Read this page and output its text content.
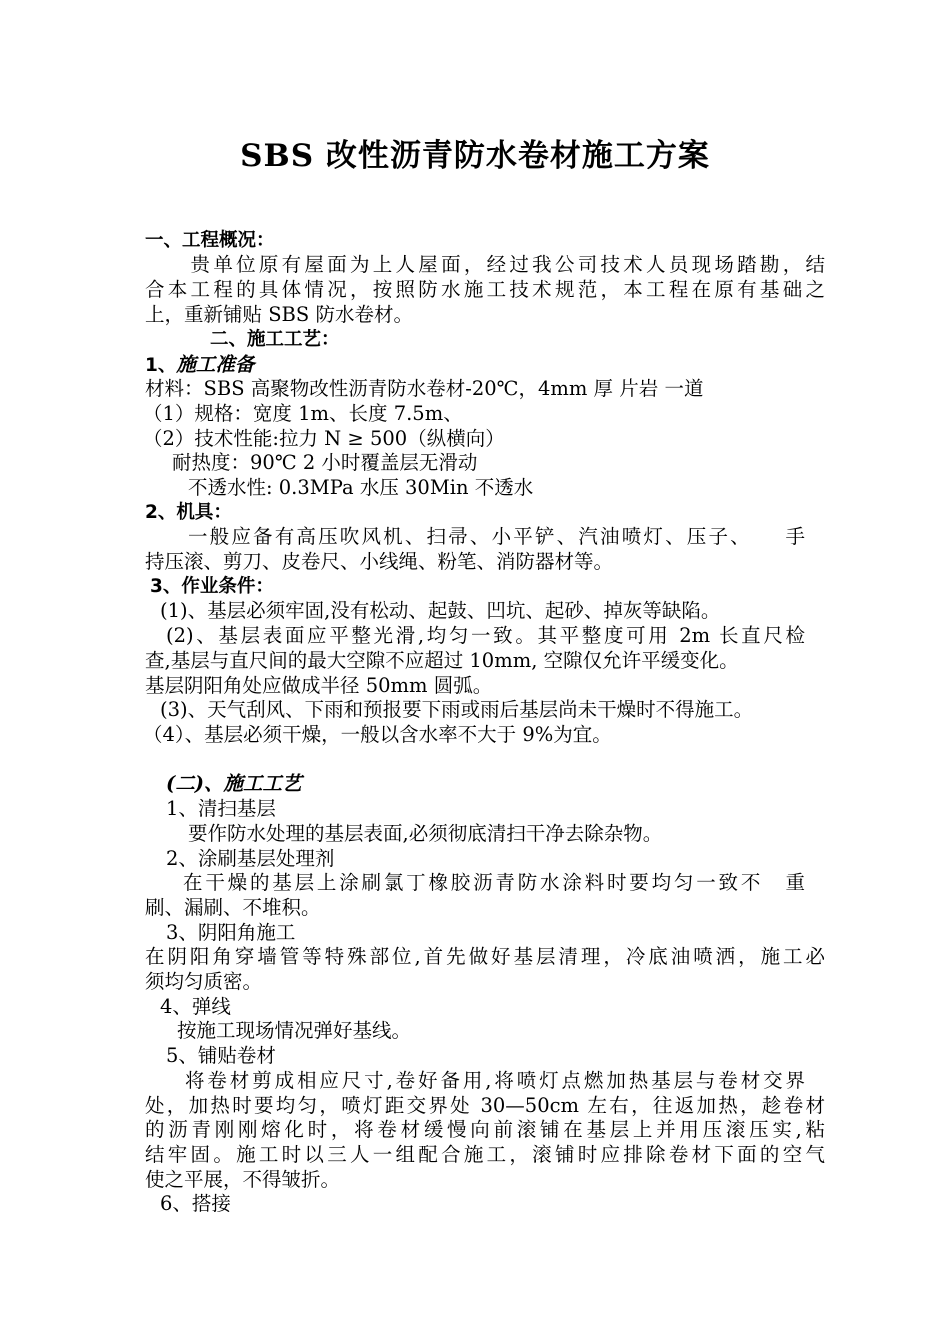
SBS 改性沥青防水卷材施工方案
一、工程概况：
　　贵单位原有屋面为上人屋面，经过我公司技术人员现场踏勘，结
合本工程的具体情况，按照防水施工技术规范，本工程在原有基础之
上，重新铺贴 SBS 防水卷材。
二、施工工艺：
1、施工准备
材料：SBS 高聚物改性沥青防水卷材-20℃，4mm 厚 片岩 一道
（1）规格：宽度 1m、长度 7.5m、
（2）技术性能:拉力 N ≥ 500（纵横向）
耐热度：90℃ 2 小时覆盖层无滑动
不透水性: 0.3MPa 水压 30Min 不透水
2、机具：
一般应备有高压吹风机、扫帚、小平铲、汽油喷灯、压子、　　手
持压滚、剪刀、皮卷尺、小线绳、粉笔、消防器材等。
3、作业条件：
(1)、基层必须牢固,没有松动、起鼓、凹坑、起砂、掉灰等缺陷。
(2)、基层表面应平整光滑,均匀一致。其平整度可用 2m 长直尺检
查,基层与直尺间的最大空隙不应超过 10mm, 空隙仅允许平缓变化。
基层阴阳角处应做成半径 50mm 圆弧。
(3)、天气刮风、下雨和预报要下雨或雨后基层尚未干燥时不得施工。
（4）、基层必须干燥，一般以含水率不大于 9%为宜。
(二)、施工工艺
1、清扫基层
要作防水处理的基层表面,必须彻底清扫干净去除杂物。
2、涂刷基层处理剂
在干燥的基层上涂刷氯丁橡胶沥青防水涂料时要均匀一致不　重
刷、漏刷、不堆积。
3、阴阳角施工
在阴阳角穿墙管等特殊部位,首先做好基层清理，冷底油喷洒，施工必
须均匀质密。
4、弹线
按施工现场情况弹好基线。
5、铺贴卷材
将卷材剪成相应尺寸,卷好备用,将喷灯点燃加热基层与卷材交界
处，加热时要均匀，喷灯距交界处 30—50cm 左右，往返加热，趁卷材
的沥青刚刚熔化时，将卷材缓慢向前滚铺在基层上并用压滚压实,粘
结牢固。施工时以三人一组配合施工，滚铺时应排除卷材下面的空气
使之平展，不得皱折。
6、搭接
